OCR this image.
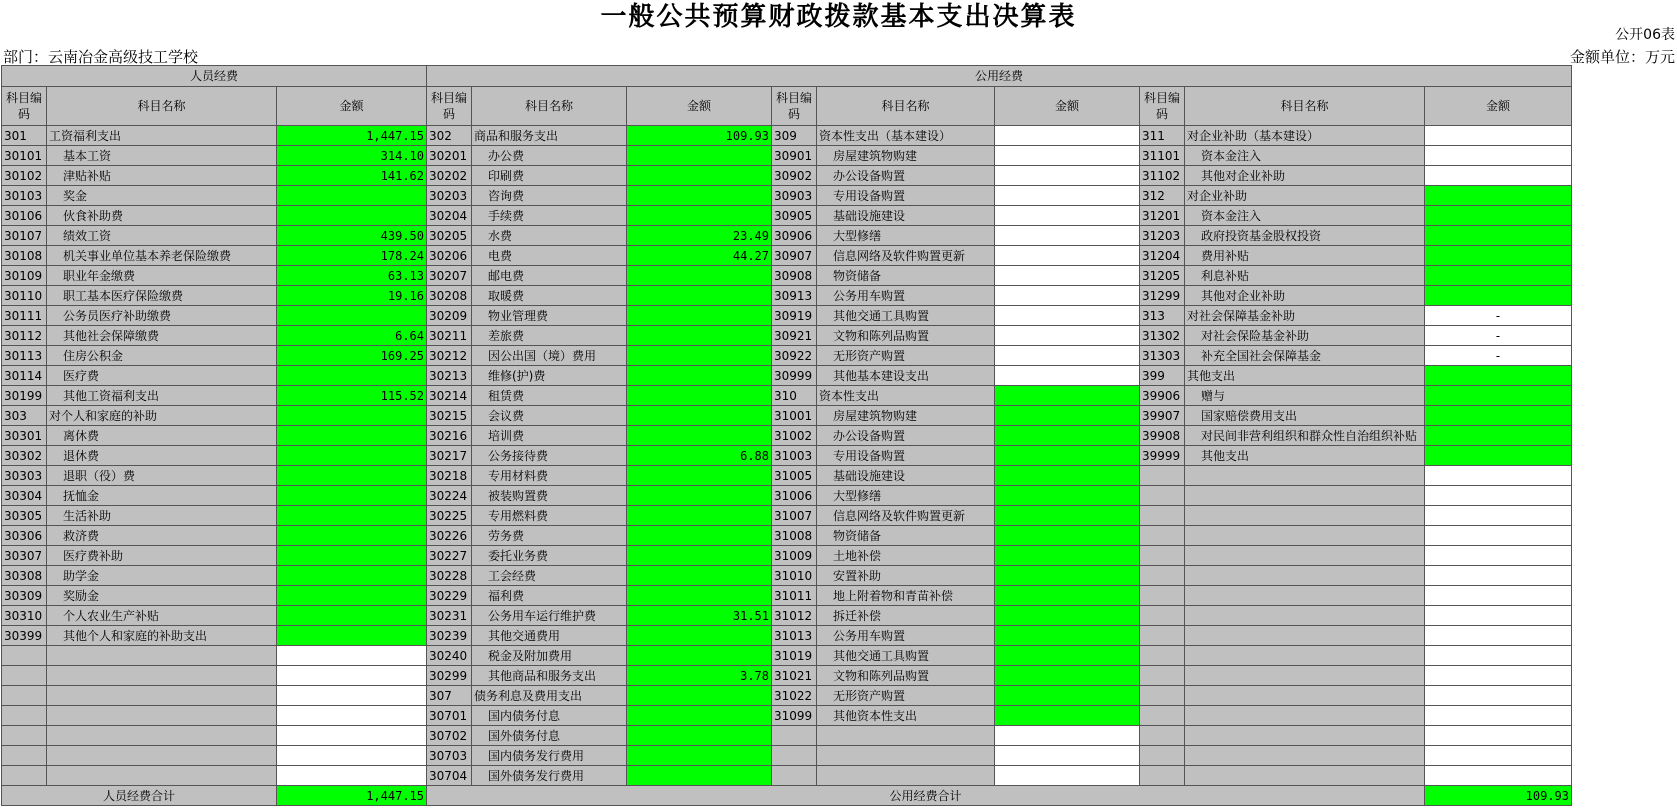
一般公共预算财政拨款基本支出决算表
公开06表
部门：云南冶金高级技工学校	金额单位：万元
人员经费			公用经费								
科目编码	科目名称	金额	科目编码	科目名称	金额	科目编码	科目名称	金额	科目编码	科目名称	金额
301	工资福利支出	1,447.15	302	商品和服务支出	109.93	309	资本性支出（基本建设）		311	对企业补助（基本建设）	
30101	基本工资	314.10	30201	办公费		30901	房屋建筑物购建		31101	资本金注入	
30102	津贴补贴	141.62	30202	印刷费		30902	办公设备购置		31102	其他对企业补助	
30103	奖金		30203	咨询费		30903	专用设备购置		312	对企业补助	
30106	伙食补助费		30204	手续费		30905	基础设施建设		31201	资本金注入	
30107	绩效工资	439.50	30205	水费	23.49	30906	大型修缮		31203	政府投资基金股权投资	
30108	机关事业单位基本养老保险缴费	178.24	30206	电费	44.27	30907	信息网络及软件购置更新		31204	费用补贴	
30109	职业年金缴费	63.13	30207	邮电费		30908	物资储备		31205	利息补贴	
30110	职工基本医疗保险缴费	19.16	30208	取暖费		30913	公务用车购置		31299	其他对企业补助	
30111	公务员医疗补助缴费		30209	物业管理费		30919	其他交通工具购置		313	对社会保障基金补助	-
30112	其他社会保障缴费	6.64	30211	差旅费		30921	文物和陈列品购置		31302	对社会保险基金补助	-
30113	住房公积金	169.25	30212	因公出国（境）费用		30922	无形资产购置		31303	补充全国社会保障基金	-
30114	医疗费		30213	维修(护)费		30999	其他基本建设支出		399	其他支出	
30199	其他工资福利支出	115.52	30214	租赁费		310	资本性支出		39906	赠与	
303	对个人和家庭的补助		30215	会议费		31001	房屋建筑物购建		39907	国家赔偿费用支出	
30301	离休费		30216	培训费		31002	办公设备购置		39908	对民间非营利组织和群众性自治组织补贴	
30302	退休费		30217	公务接待费	6.88	31003	专用设备购置		39999	其他支出	
30303	退职（役）费		30218	专用材料费		31005	基础设施建设				
30304	抚恤金		30224	被装购置费		31006	大型修缮				
30305	生活补助		30225	专用燃料费		31007	信息网络及软件购置更新				
30306	救济费		30226	劳务费		31008	物资储备				
30307	医疗费补助		30227	委托业务费		31009	土地补偿				
30308	助学金		30228	工会经费		31010	安置补助				
30309	奖励金		30229	福利费		31011	地上附着物和青苗补偿				
30310	个人农业生产补贴		30231	公务用车运行维护费	31.51	31012	拆迁补偿				
30399	其他个人和家庭的补助支出		30239	其他交通费用		31013	公务用车购置				
			30240	税金及附加费用		31019	其他交通工具购置				
			30299	其他商品和服务支出	3.78	31021	文物和陈列品购置				
			307	债务利息及费用支出		31022	无形资产购置				
			30701	国内债务付息		31099	其他资本性支出				
			30702	国外债务付息							
			30703	国内债务发行费用							
			30704	国外债务发行费用							
人员经费合计		1,447.15	公用经费合计								109.93
